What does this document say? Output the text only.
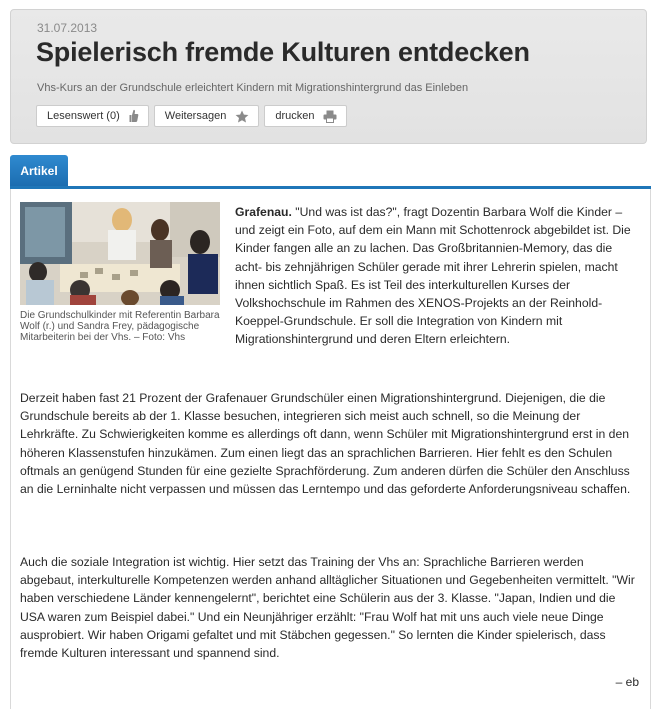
31.07.2013
Spielerisch fremde Kulturen entdecken
Vhs-Kurs an der Grundschule erleichtert Kindern mit Migrationshintergrund das Einleben
Lesenswert (0)	Weitersagen	drucken
Artikel
Die Grundschulkinder mit Referentin Barbara Wolf (r.) und Sandra Frey, pädagogische Mitarbeiterin bei der Vhs. – Foto: Vhs
Grafenau. "Und was ist das?", fragt Dozentin Barbara Wolf die Kinder – und zeigt ein Foto, auf dem ein Mann mit Schottenrock abgebildet ist. Die Kinder fangen alle an zu lachen. Das Großbritannien-Memory, das die acht- bis zehnjährigen Schüler gerade mit ihrer Lehrerin spielen, macht ihnen sichtlich Spaß. Es ist Teil des interkulturellen Kurses der Volkshochschule im Rahmen des XENOS-Projekts an der Reinhold-Koeppel-Grundschule. Er soll die Integration von Kindern mit Migrationshintergrund und deren Eltern erleichtern.

Derzeit haben fast 21 Prozent der Grafenauer Grundschüler einen Migrationshintergrund. Diejenigen, die die Grundschule bereits ab der 1. Klasse besuchen, integrieren sich meist auch schnell, so die Meinung der Lehrkräfte. Zu Schwierigkeiten komme es allerdings oft dann, wenn Schüler mit Migrationshintergrund erst in den höheren Klassenstufen hinzukämen. Zum einen liegt das an sprachlichen Barrieren. Hier fehlt es den Schulen oftmals an genügend Stunden für eine gezielte Sprachförderung. Zum anderen dürfen die Schüler den Anschluss an die Lerninhalte nicht verpassen und müssen das Lerntempo und das geforderte Anforderungsniveau schaffen.

Auch die soziale Integration ist wichtig. Hier setzt das Training der Vhs an: Sprachliche Barrieren werden abgebaut, interkulturelle Kompetenzen werden anhand alltäglicher Situationen und Gegebenheiten vermittelt. "Wir haben verschiedene Länder kennengelernt", berichtet eine Schülerin aus der 3. Klasse. "Japan, Indien und die USA waren zum Beispiel dabei." Und ein Neunjähriger erzählt: "Frau Wolf hat mit uns auch viele neue Dinge ausprobiert. Wir haben Origami gefaltet und mit Stäbchen gegessen." So lernten die Kinder spielerisch, dass fremde Kulturen interessant und spannend sind.

– eb
